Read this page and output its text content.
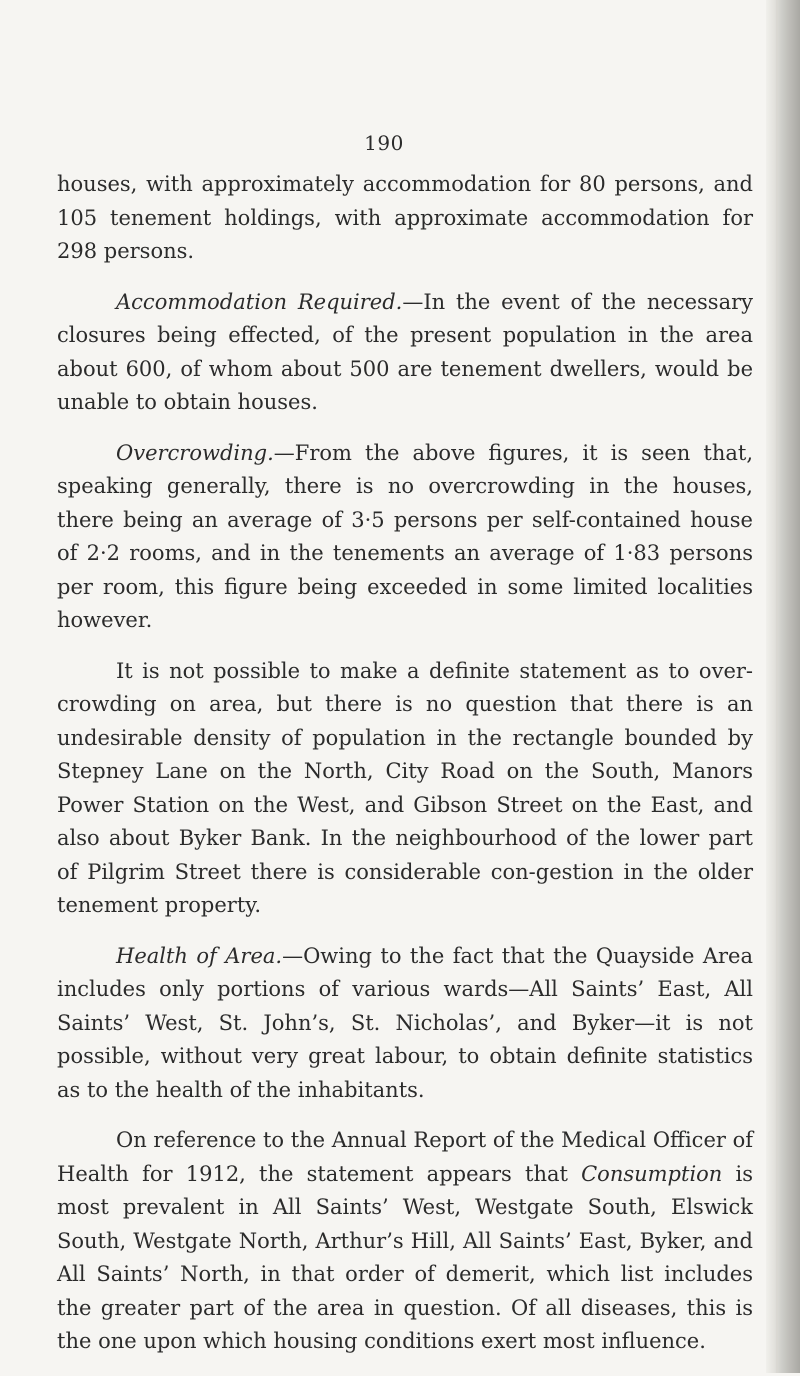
190

houses, with approximately accommodation for 80 persons, and 105 tenement holdings, with approximate accommodation for 298 persons.

Accommodation Required.—In the event of the necessary closures being effected, of the present population in the area about 600, of whom about 500 are tenement dwellers, would be unable to obtain houses.

Overcrowding.—From the above figures, it is seen that, speaking generally, there is no overcrowding in the houses, there being an average of 3·5 persons per self-contained house of 2·2 rooms, and in the tenements an average of 1·83 persons per room, this figure being exceeded in some limited localities however.

It is not possible to make a definite statement as to over-crowding on area, but there is no question that there is an undesirable density of population in the rectangle bounded by Stepney Lane on the North, City Road on the South, Manors Power Station on the West, and Gibson Street on the East, and also about Byker Bank. In the neighbourhood of the lower part of Pilgrim Street there is considerable con-gestion in the older tenement property.

Health of Area.—Owing to the fact that the Quayside Area includes only portions of various wards—All Saints’ East, All Saints’ West, St. John’s, St. Nicholas’, and Byker—it is not possible, without very great labour, to obtain definite statistics as to the health of the inhabitants.

On reference to the Annual Report of the Medical Officer of Health for 1912, the statement appears that Consumption is most prevalent in All Saints’ West, Westgate South, Elswick South, Westgate North, Arthur’s Hill, All Saints’ East, Byker, and All Saints’ North, in that order of demerit, which list includes the greater part of the area in question. Of all diseases, this is the one upon which housing conditions exert most influence.
